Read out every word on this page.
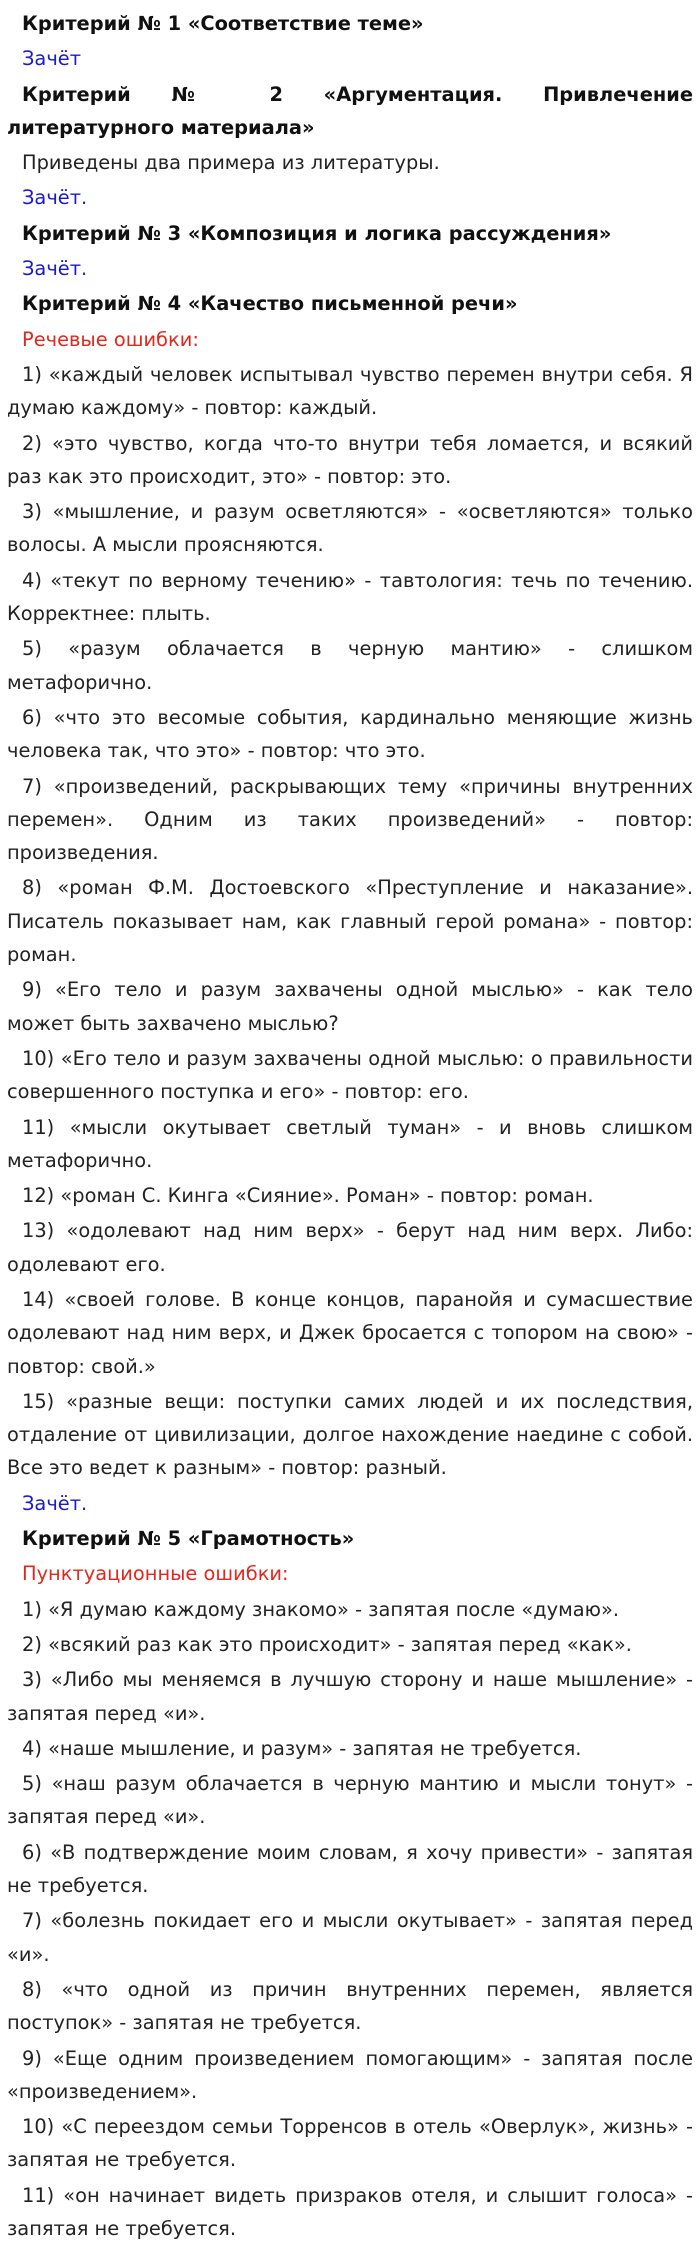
Критерий № 1 «Соответствие теме»
Зачёт
Критерий № 2 «Аргументация. Привлечение литературного материала»
Приведены два примера из литературы.
Зачёт.
Критерий № 3 «Композиция и логика рассуждения»
Зачёт.
Критерий № 4 «Качество письменной речи»
Речевые ошибки:
1) «каждый человек испытывал чувство перемен внутри себя. Я думаю каждому» - повтор: каждый.
2) «это чувство, когда что-то внутри тебя ломается, и всякий раз как это происходит, это» - повтор: это.
3) «мышление, и разум осветляются» - «осветляются» только волосы. А мысли проясняются.
4) «текут по верному течению» - тавтология: течь по течению. Корректнее: плыть.
5) «разум облачается в черную мантию» - слишком метафорично.
6) «что это весомые события, кардинально меняющие жизнь человека так, что это» - повтор: что это.
7) «произведений, раскрывающих тему «причины внутренних перемен». Одним из таких произведений» - повтор: произведения.
8) «роман Ф.М. Достоевского «Преступление и наказание». Писатель показывает нам, как главный герой романа» - повтор: роман.
9) «Его тело и разум захвачены одной мыслью» - как тело может быть захвачено мыслью?
10) «Его тело и разум захвачены одной мыслью: о правильности совершенного поступка и его» - повтор: его.
11) «мысли окутывает светлый туман» - и вновь слишком метафорично.
12) «роман С. Кинга «Сияние». Роман» - повтор: роман.
13) «одолевают над ним верх» - берут над ним верх. Либо: одолевают его.
14) «своей голове. В конце концов, паранойя и сумасшествие одолевают над ним верх, и Джек бросается с топором на свою» - повтор: свой.»
15) «разные вещи: поступки самих людей и их последствия, отдаление от цивилизации, долгое нахождение наедине с собой. Все это ведет к разным» - повтор: разный.
Зачёт.
Критерий № 5 «Грамотность»
Пунктуационные ошибки:
1) «Я думаю каждому знакомо» - запятая после «думаю».
2) «всякий раз как это происходит» - запятая перед «как».
3) «Либо мы меняемся в лучшую сторону и наше мышление» - запятая перед «и».
4) «наше мышление, и разум» - запятая не требуется.
5) «наш разум облачается в черную мантию и мысли тонут» - запятая перед «и».
6) «В подтверждение моим словам, я хочу привести» - запятая не требуется.
7) «болезнь покидает его и мысли окутывает» - запятая перед «и».
8) «что одной из причин внутренних перемен, является поступок» - запятая не требуется.
9) «Еще одним произведением помогающим» - запятая после «произведением».
10) «С переездом семьи Торренсов в отель «Оверлук», жизнь» - запятая не требуется.
11) «он начинает видеть призраков отеля, и слышит голоса» - запятая не требуется.
